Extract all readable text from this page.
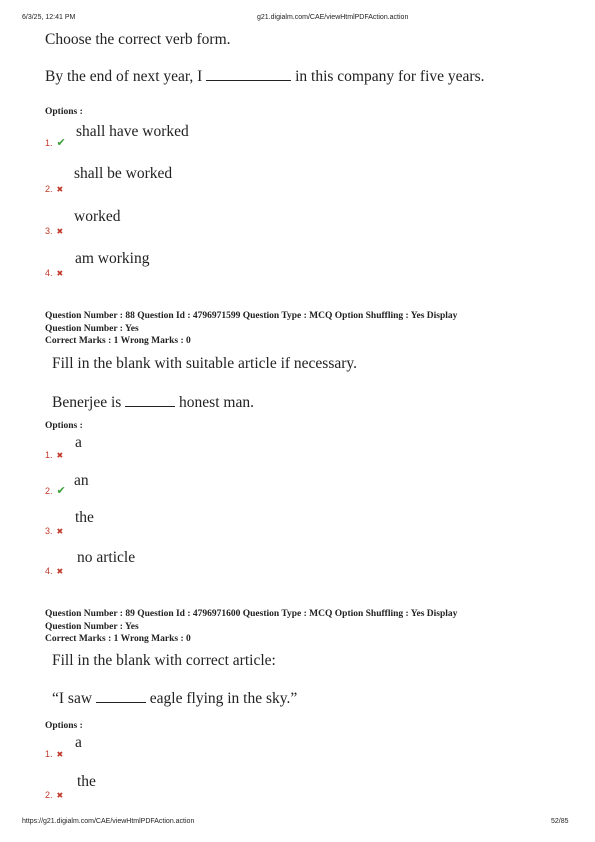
6/3/25, 12:41 PM	g21.digialm.com/CAE/viewHtmlPDFAction.action
Choose the correct verb form.
By the end of next year, I	in this company for five years.
Options :
1. ✔
shall have worked
2. ✖
shall be worked
3. ✖
worked
4. ✖
am working
Question Number : 88 Question Id : 4796971599 Question Type : MCQ Option Shuffling : Yes Display
Question Number : Yes
Correct Marks : 1 Wrong Marks : 0
Fill in the blank with suitable article if necessary.
Benerjee is	honest man.
Options :
1. ✖
a
2. ✔
an
3. ✖
the
4. ✖
no article
Question Number : 89 Question Id : 4796971600 Question Type : MCQ Option Shuffling : Yes Display
Question Number : Yes
Correct Marks : 1 Wrong Marks : 0
Fill in the blank with correct article:
“I saw	eagle flying in the sky.”
Options :
1. ✖
a
2. ✖
the
https://g21.digialm.com/CAE/viewHtmlPDFAction.action	52/85
